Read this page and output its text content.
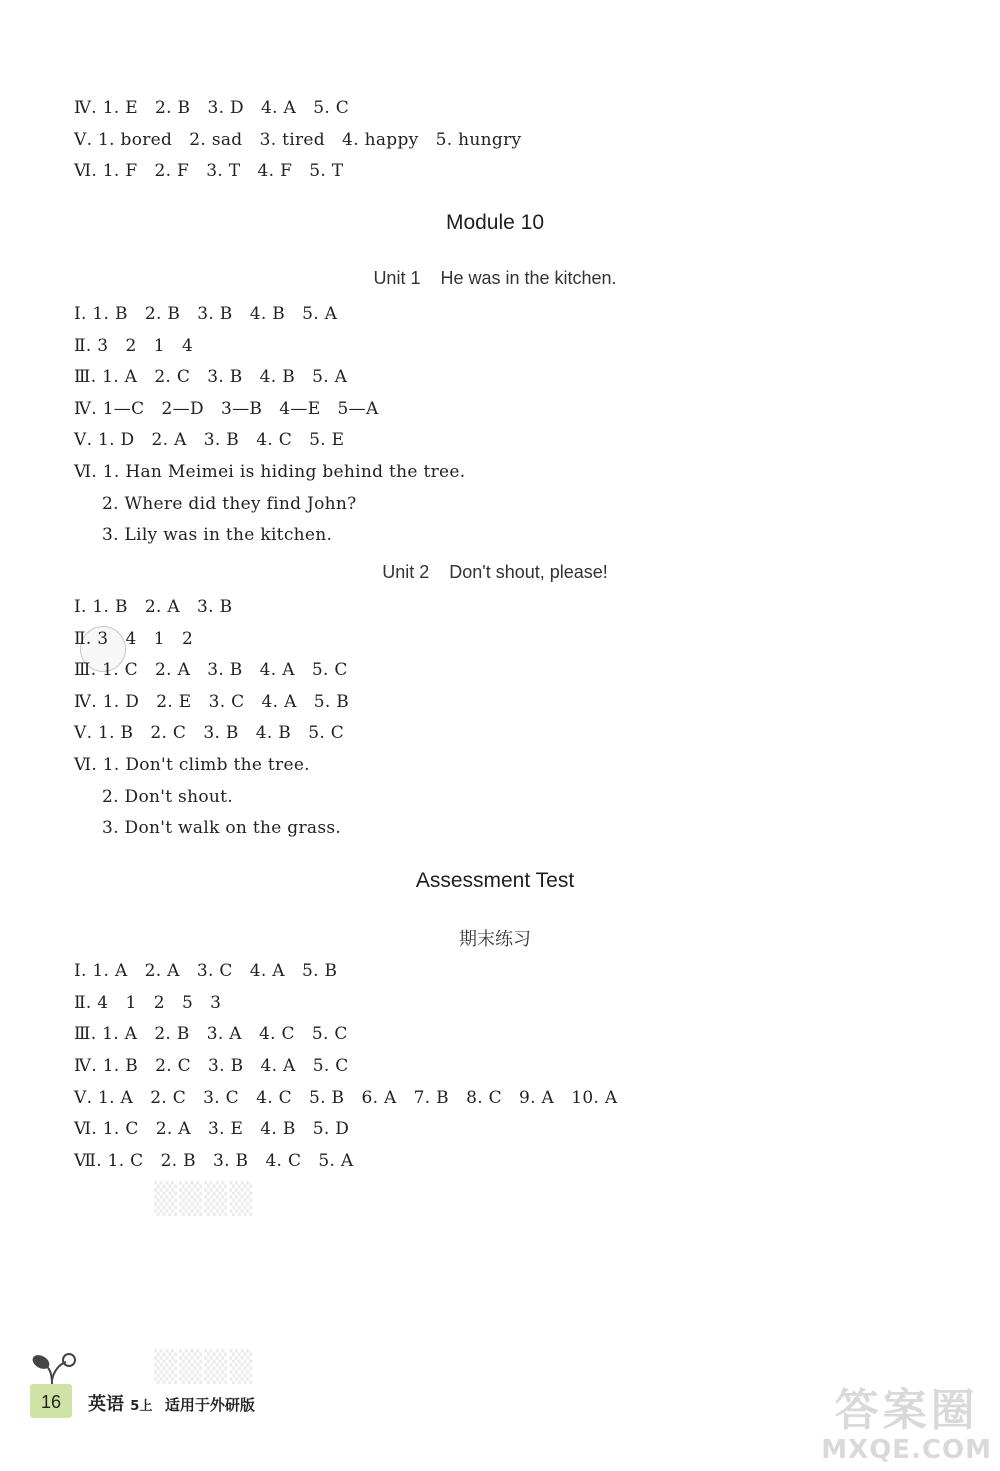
Ⅳ. 1. E   2. B   3. D   4. A   5. C
Ⅴ. 1. bored   2. sad   3. tired   4. happy   5. hungry
Ⅵ. 1. F   2. F   3. T   4. F   5. T
Module 10
Unit 1    He was in the kitchen.
Ⅰ. 1. B   2. B   3. B   4. B   5. A
Ⅱ. 3   2   1   4
Ⅲ. 1. A   2. C   3. B   4. B   5. A
Ⅳ. 1—C   2—D   3—B   4—E   5—A
Ⅴ. 1. D   2. A   3. B   4. C   5. E
Ⅵ. 1. Han Meimei is hiding behind the tree.
2. Where did they find John?
3. Lily was in the kitchen.
Unit 2    Don't shout, please!
Ⅰ. 1. B   2. A   3. B
Ⅱ. 3   4   1   2
Ⅲ. 1. C   2. A   3. B   4. A   5. C
Ⅳ. 1. D   2. E   3. C   4. A   5. B
Ⅴ. 1. B   2. C   3. B   4. B   5. C
Ⅵ. 1. Don't climb the tree.
2. Don't shout.
3. Don't walk on the grass.
Assessment Test
期末练习
Ⅰ. 1. A   2. A   3. C   4. A   5. B
Ⅱ. 4   1   2   5   3
Ⅲ. 1. A   2. B   3. A   4. C   5. C
Ⅳ. 1. B   2. C   3. B   4. A   5. C
Ⅴ. 1. A   2. C   3. C   4. C   5. B   6. A   7. B   8. C   9. A   10. A
Ⅵ. 1. C   2. A   3. E   4. B   5. D
Ⅶ. 1. C   2. B   3. B   4. C   5. A
▒▒▒▒
▒▒▒▒
16	英语 5上 适用于外研版	答案圈
MXQE.COM
